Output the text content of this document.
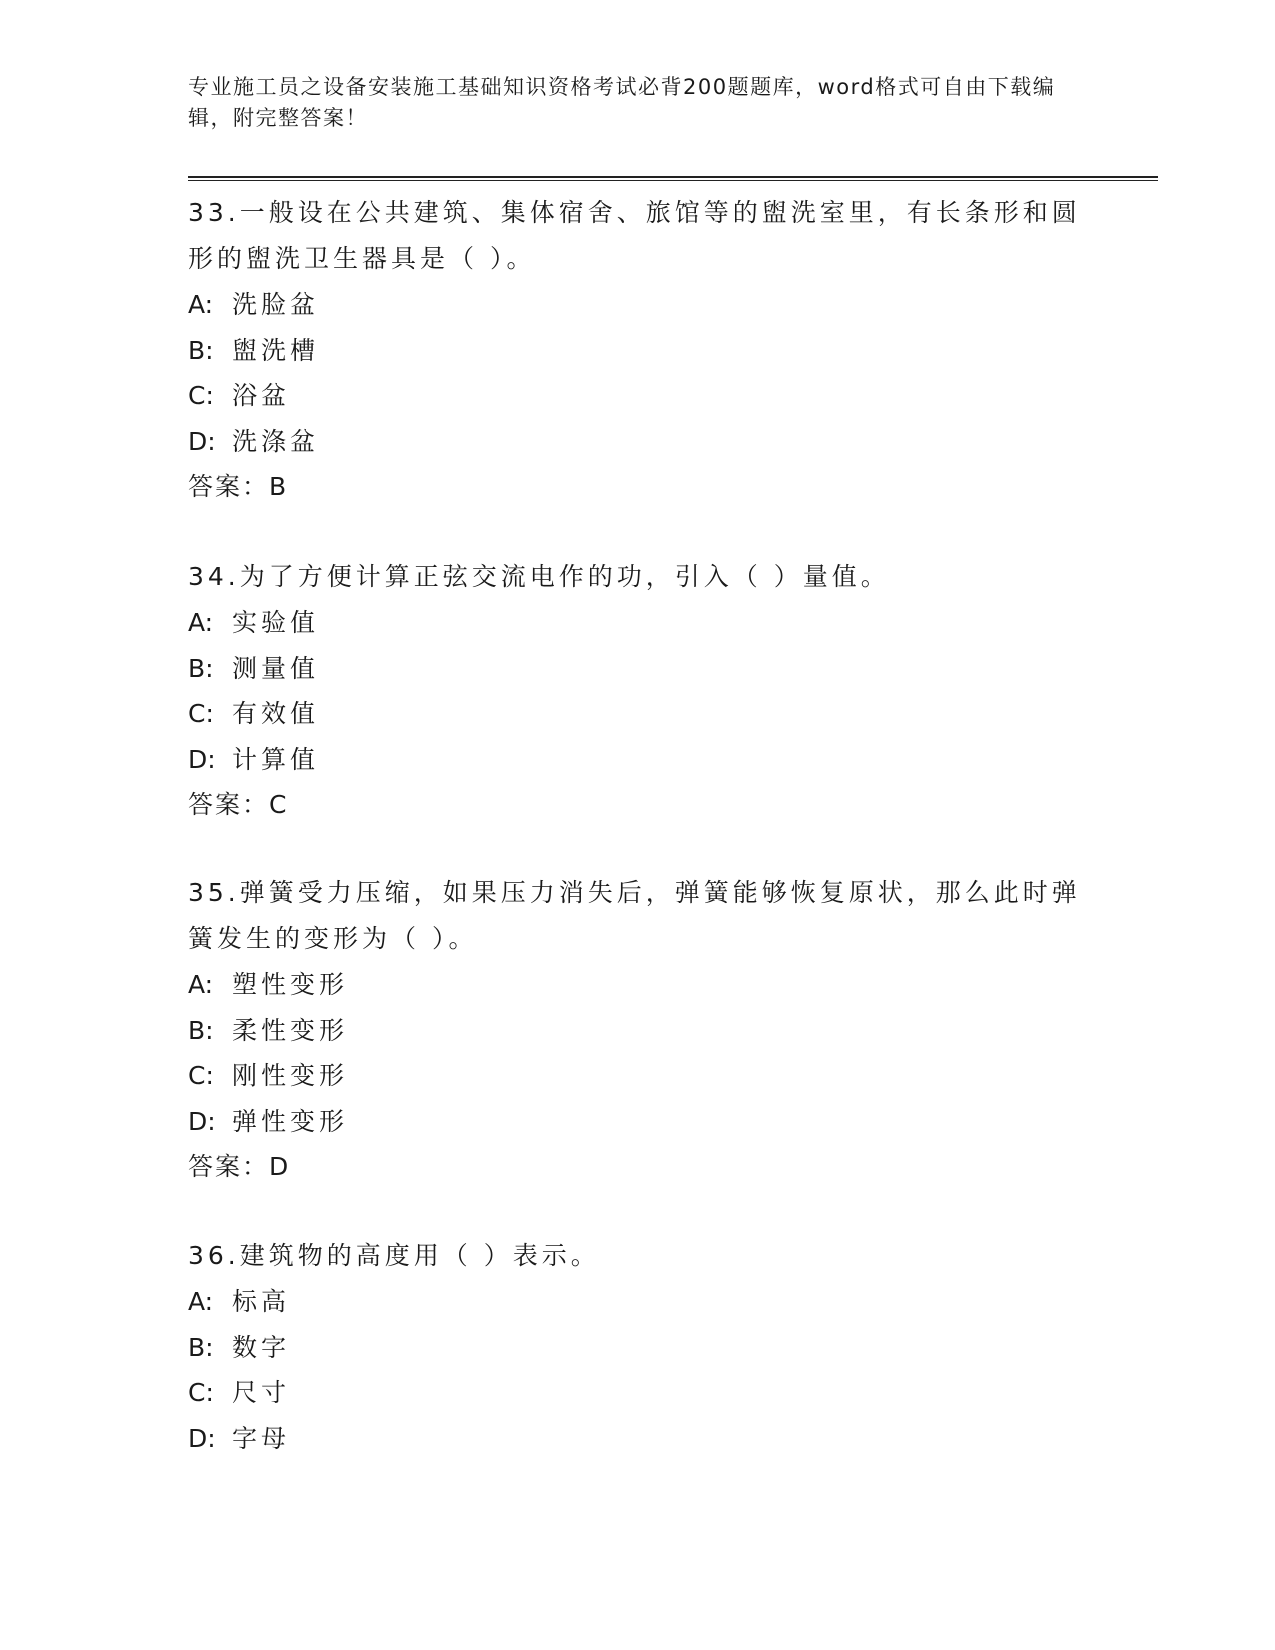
专业施工员之设备安装施工基础知识资格考试必背200题题库，word格式可自由下载编辑，附完整答案！
33.一般设在公共建筑、集体宿舍、旅馆等的盥洗室里，有长条形和圆形的盥洗卫生器具是（ ）。
A: 洗脸盆
B: 盥洗槽
C: 浴盆
D: 洗涤盆
答案：B
34.为了方便计算正弦交流电作的功，引入（ ）量值。
A: 实验值
B: 测量值
C: 有效值
D: 计算值
答案：C
35.弹簧受力压缩，如果压力消失后，弹簧能够恢复原状，那么此时弹簧发生的变形为（ ）。
A: 塑性变形
B: 柔性变形
C: 刚性变形
D: 弹性变形
答案：D
36.建筑物的高度用（ ）表示。
A: 标高
B: 数字
C: 尺寸
D: 字母
